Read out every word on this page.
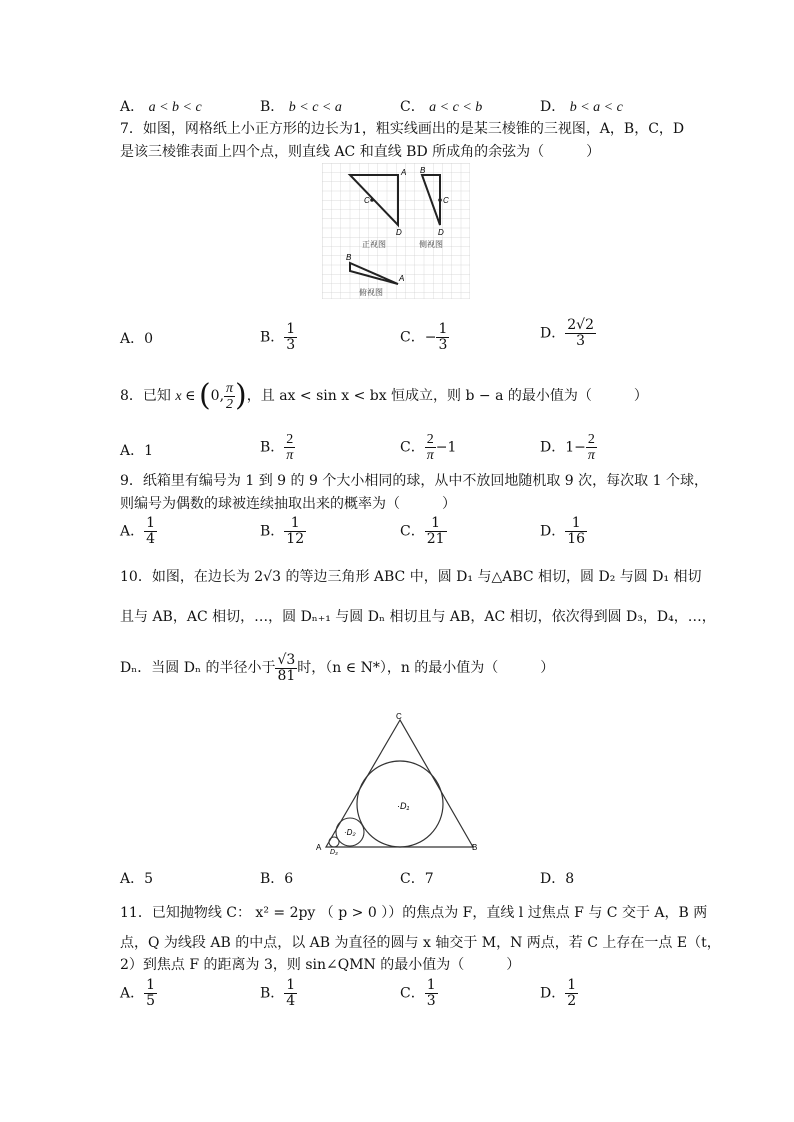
A． a < b < c	B． b < c < a	C． a < c < b	D． b < a < c
7．如图，网格纸上小正方形的边长为1，粗实线画出的是某三棱锥的三视图，A，B，C，D
是该三棱锥表面上四个点，则直线 AC 和直线 BD 所成角的余弦为（　　　）
A
C
D
正视图
B
C
D
侧视图
B
A
俯视图
A．0	B． $\frac{1}{3}$	C．− $\frac{1}{3}$	D． $\frac{2√2}{3}$
8．已知 x ∈ (0, $\frac{\pi}{2}$ )，且 ax < sin x < bx 恒成立，则 b − a 的最小值为（　　　）
A．1	B． $\frac{2}{\pi}$	C． $\frac{2}{\pi} -1$	D．$1- \frac{2}{\pi}$
9．纸箱里有编号为 1 到 9 的 9 个大小相同的球，从中不放回地随机取 9 次，每次取 1 个球，
则编号为偶数的球被连续抽取出来的概率为（　　　）
A． $\frac{1}{4}$	B． $\frac{1}{12}$	C． $\frac{1}{21}$	D． $\frac{1}{16}$
10．如图，在边长为 2√3 的等边三角形 ABC 中，圆 D₁ 与△ABC 相切，圆 D₂ 与圆 D₁ 相切
且与 AB，AC 相切，…，圆 Dₙ₊₁ 与圆 Dₙ 相切且与 AB，AC 相切，依次得到圆 D₃，D₄，…，
Dₙ．当圆 Dₙ 的半径小于 $\frac{√3}{81}$ 时，（n ∈ N*），n 的最小值为（　　　）
C
A	B
·D₁
·D₂
D₃
A．5	B．6	C．7	D．8
11．已知抛物线 C： x² = 2py （ p > 0 ））的焦点为 F，直线 l 过焦点 F 与 C 交于 A，B 两
点，Q 为线段 AB 的中点，以 AB 为直径的圆与 x 轴交于 M，N 两点，若 C 上存在一点 E（t，
2）到焦点 F 的距离为 3，则 sin∠QMN 的最小值为（　　　）
A． $\frac{1}{5}$	B． $\frac{1}{4}$	C． $\frac{1}{3}$	D． $\frac{1}{2}$
